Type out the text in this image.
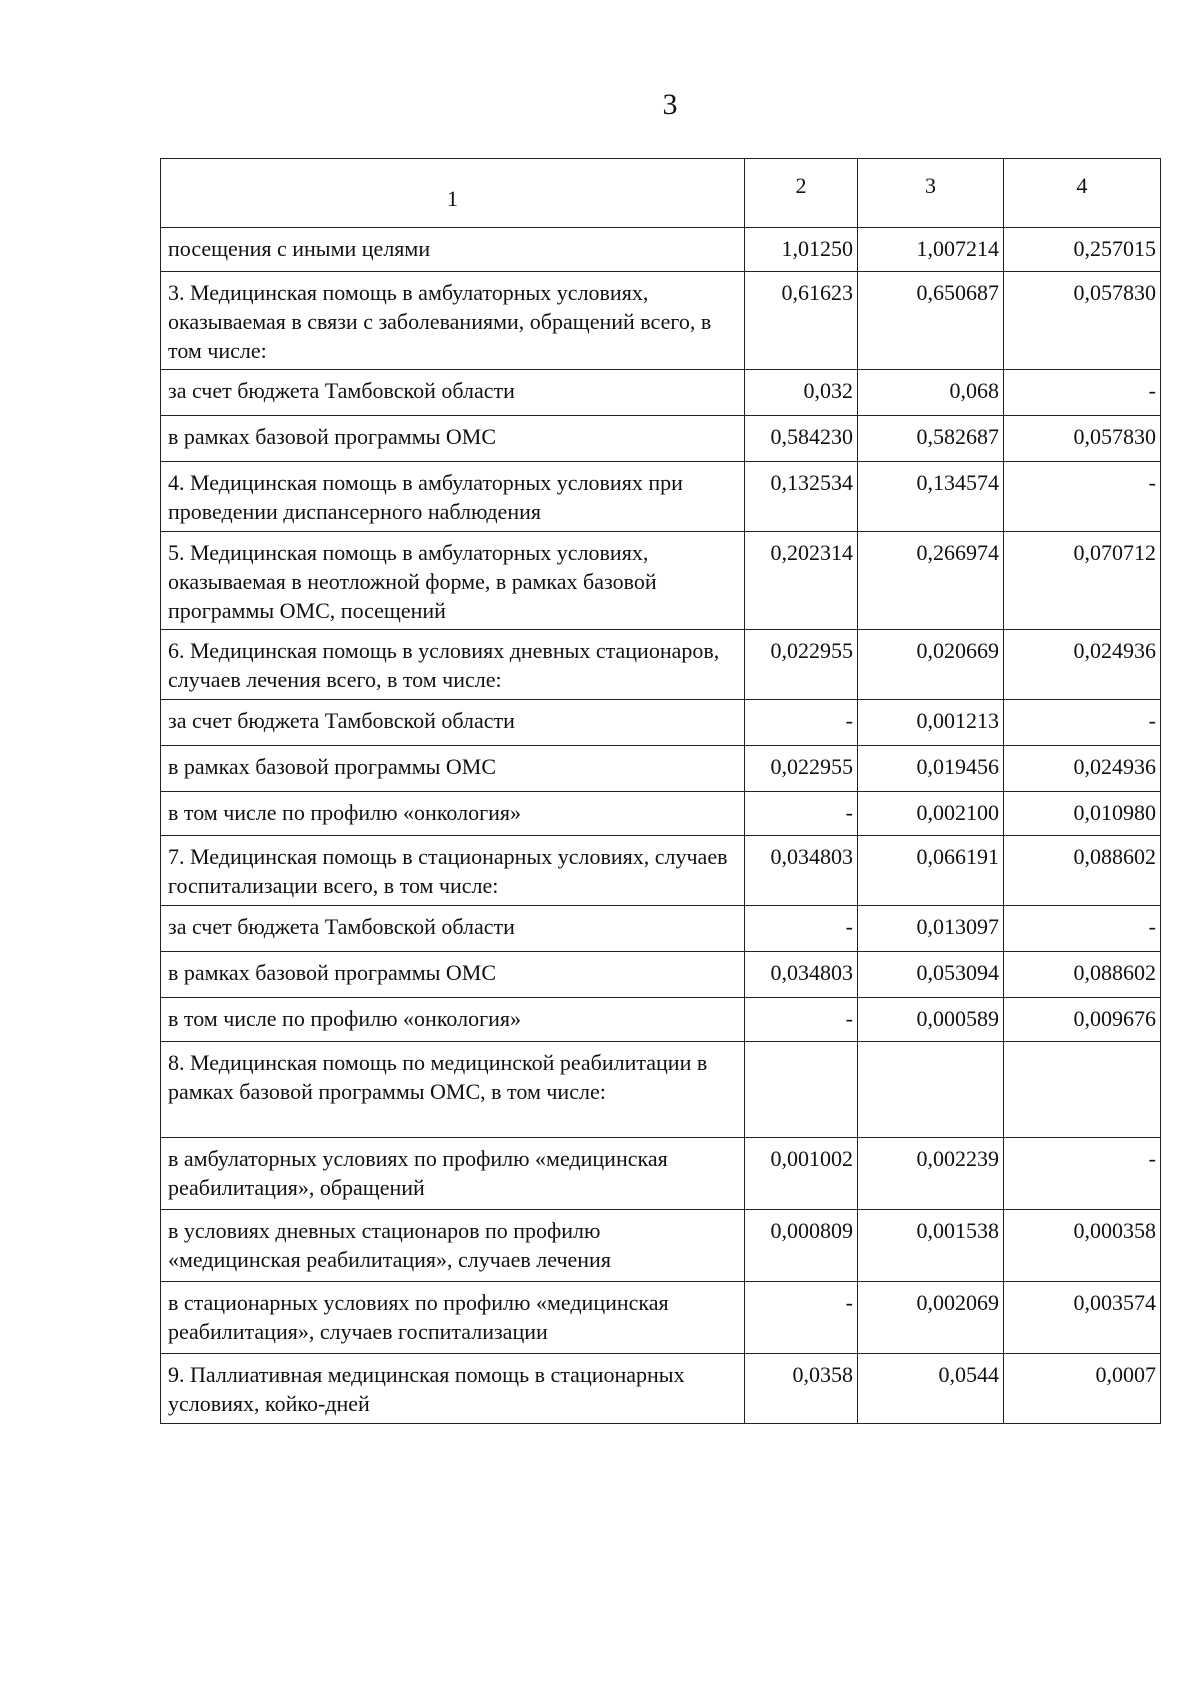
3
1	2	3	4
посещения с иными целями	1,01250	1,007214	0,257015
3. Медицинская помощь в амбулаторных условиях, оказываемая в связи с заболеваниями, обращений всего, в том числе:	0,61623	0,650687	0,057830
за счет бюджета Тамбовской области	0,032	0,068	-
в рамках базовой программы ОМС	0,584230	0,582687	0,057830
4. Медицинская помощь в амбулаторных условиях при проведении диспансерного наблюдения	0,132534	0,134574	-
5. Медицинская помощь в амбулаторных условиях, оказываемая в неотложной форме, в рамках базовой программы ОМС, посещений	0,202314	0,266974	0,070712
6. Медицинская помощь в условиях дневных стационаров, случаев лечения всего, в том числе:	0,022955	0,020669	0,024936
за счет бюджета Тамбовской области	-	0,001213	-
в рамках базовой программы ОМС	0,022955	0,019456	0,024936
в том числе по профилю «онкология»	-	0,002100	0,010980
7. Медицинская помощь в стационарных условиях, случаев госпитализации всего, в том числе:	0,034803	0,066191	0,088602
за счет бюджета Тамбовской области	-	0,013097	-
в рамках базовой программы ОМС	0,034803	0,053094	0,088602
в том числе по профилю «онкология»	-	0,000589	0,009676
8. Медицинская помощь по медицинской реабилитации в рамках базовой программы ОМС, в том числе:			
в амбулаторных условиях по профилю «медицинская реабилитация», обращений	0,001002	0,002239	-
в условиях дневных стационаров по профилю «медицинская реабилитация», случаев лечения	0,000809	0,001538	0,000358
в стационарных условиях по профилю «медицинская реабилитация», случаев госпитализации	-	0,002069	0,003574
9. Паллиативная медицинская помощь в стационарных условиях, койко-дней	0,0358	0,0544	0,0007
